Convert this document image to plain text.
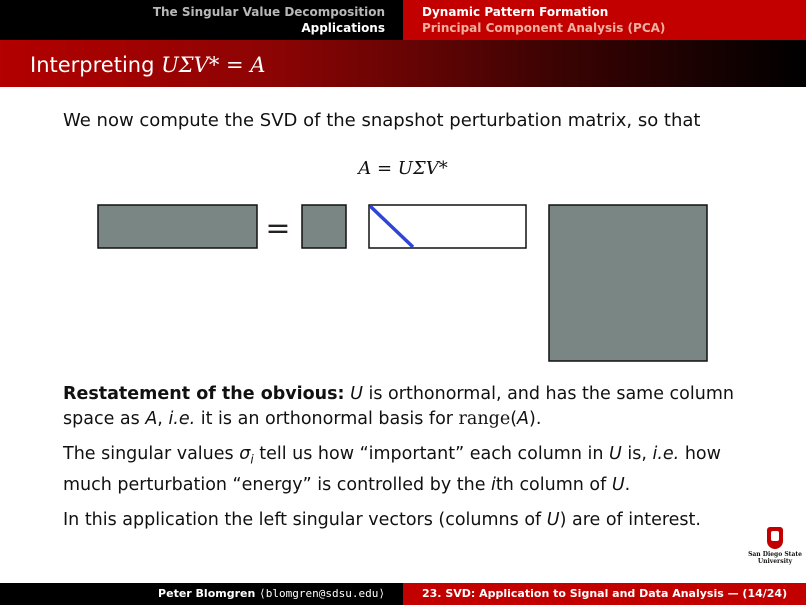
The Singular Value Decomposition
Applications
Dynamic Pattern Formation
Principal Component Analysis (PCA)
Interpreting UΣV* = A

We now compute the SVD of the snapshot perturbation matrix, so that

A = UΣV*
=

Restatement of the obvious: U is orthonormal, and has the same column space as A, i.e. it is an orthonormal basis for range(A).

The singular values $\sigma_i$ tell us how “important” each column in U is, i.e. how much perturbation “energy” is controlled by the ith column of U.

In this application the left singular vectors (columns of U) are of interest.

San Diego State
University
Peter Blomgren ⟨blomgren@sdsu.edu⟩	23. SVD: Application to Signal and Data Analysis — (14/24)
